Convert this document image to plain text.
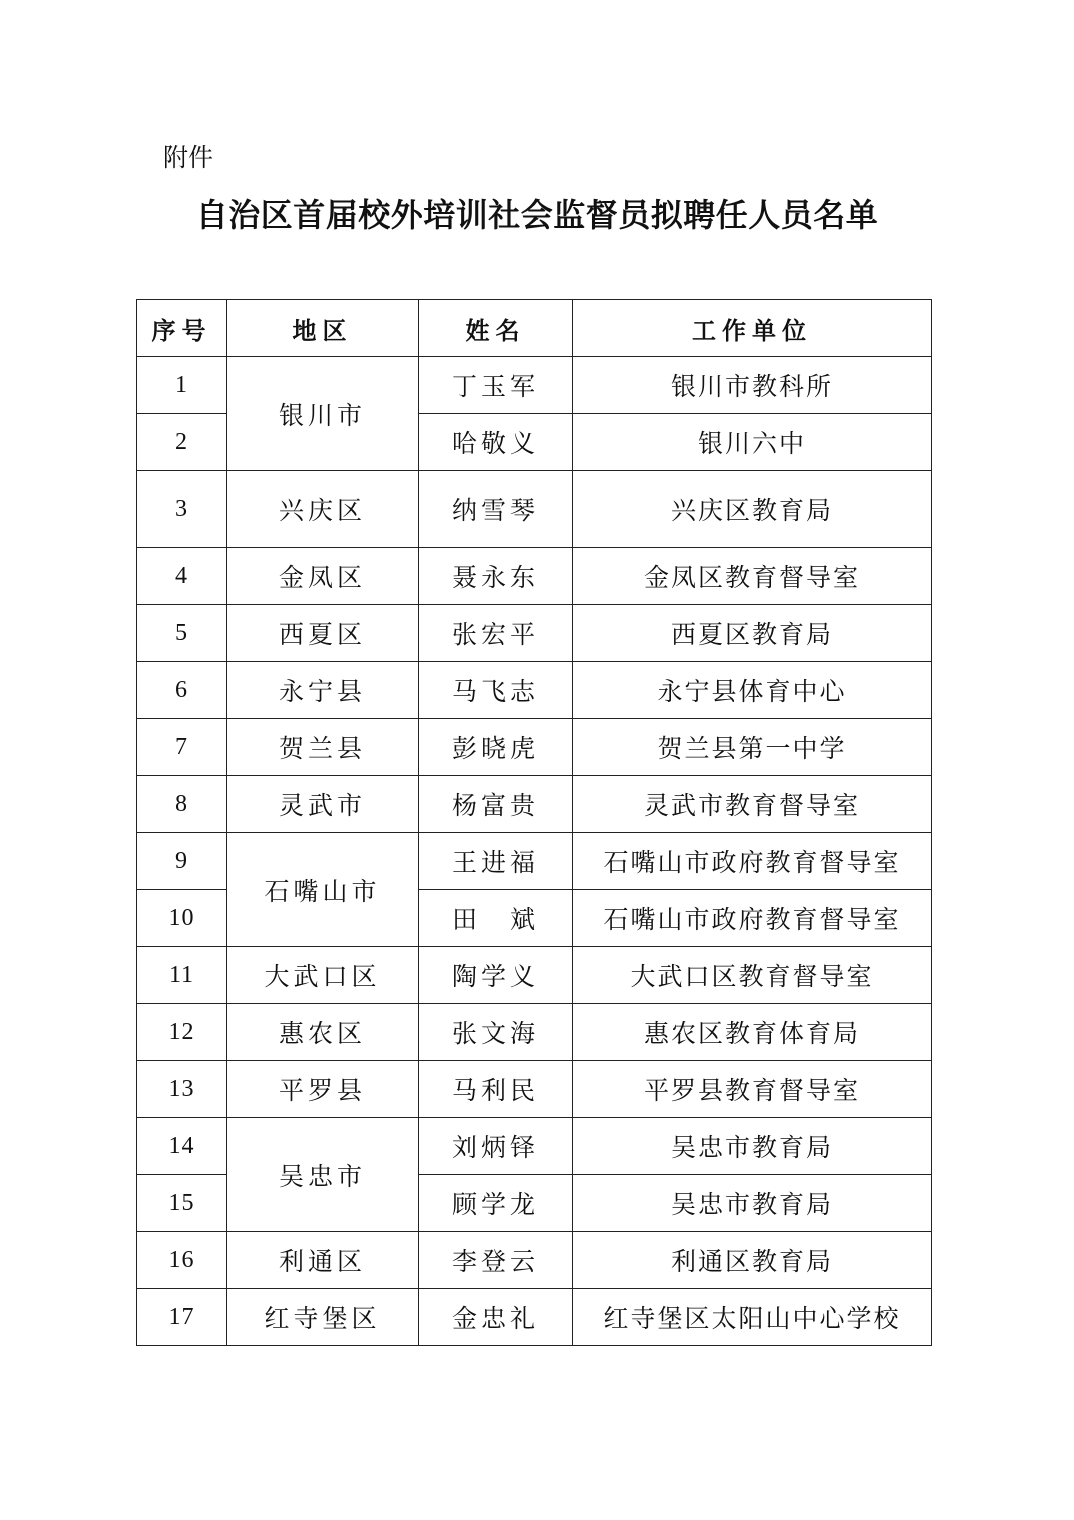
附件
自治区首届校外培训社会监督员拟聘任人员名单
序号	地区	姓名	工作单位
1	银川市	丁玉军	银川市教科所
2		哈敬义	银川六中
3	兴庆区	纳雪琴	兴庆区教育局
4	金凤区	聂永东	金凤区教育督导室
5	西夏区	张宏平	西夏区教育局
6	永宁县	马飞志	永宁县体育中心
7	贺兰县	彭晓虎	贺兰县第一中学
8	灵武市	杨富贵	灵武市教育督导室
9	石嘴山市	王进福	石嘴山市政府教育督导室
10		田　斌	石嘴山市政府教育督导室
11	大武口区	陶学义	大武口区教育督导室
12	惠农区	张文海	惠农区教育体育局
13	平罗县	马利民	平罗县教育督导室
14	吴忠市	刘炳铎	吴忠市教育局
15		顾学龙	吴忠市教育局
16	利通区	李登云	利通区教育局
17	红寺堡区	金忠礼	红寺堡区太阳山中心学校
